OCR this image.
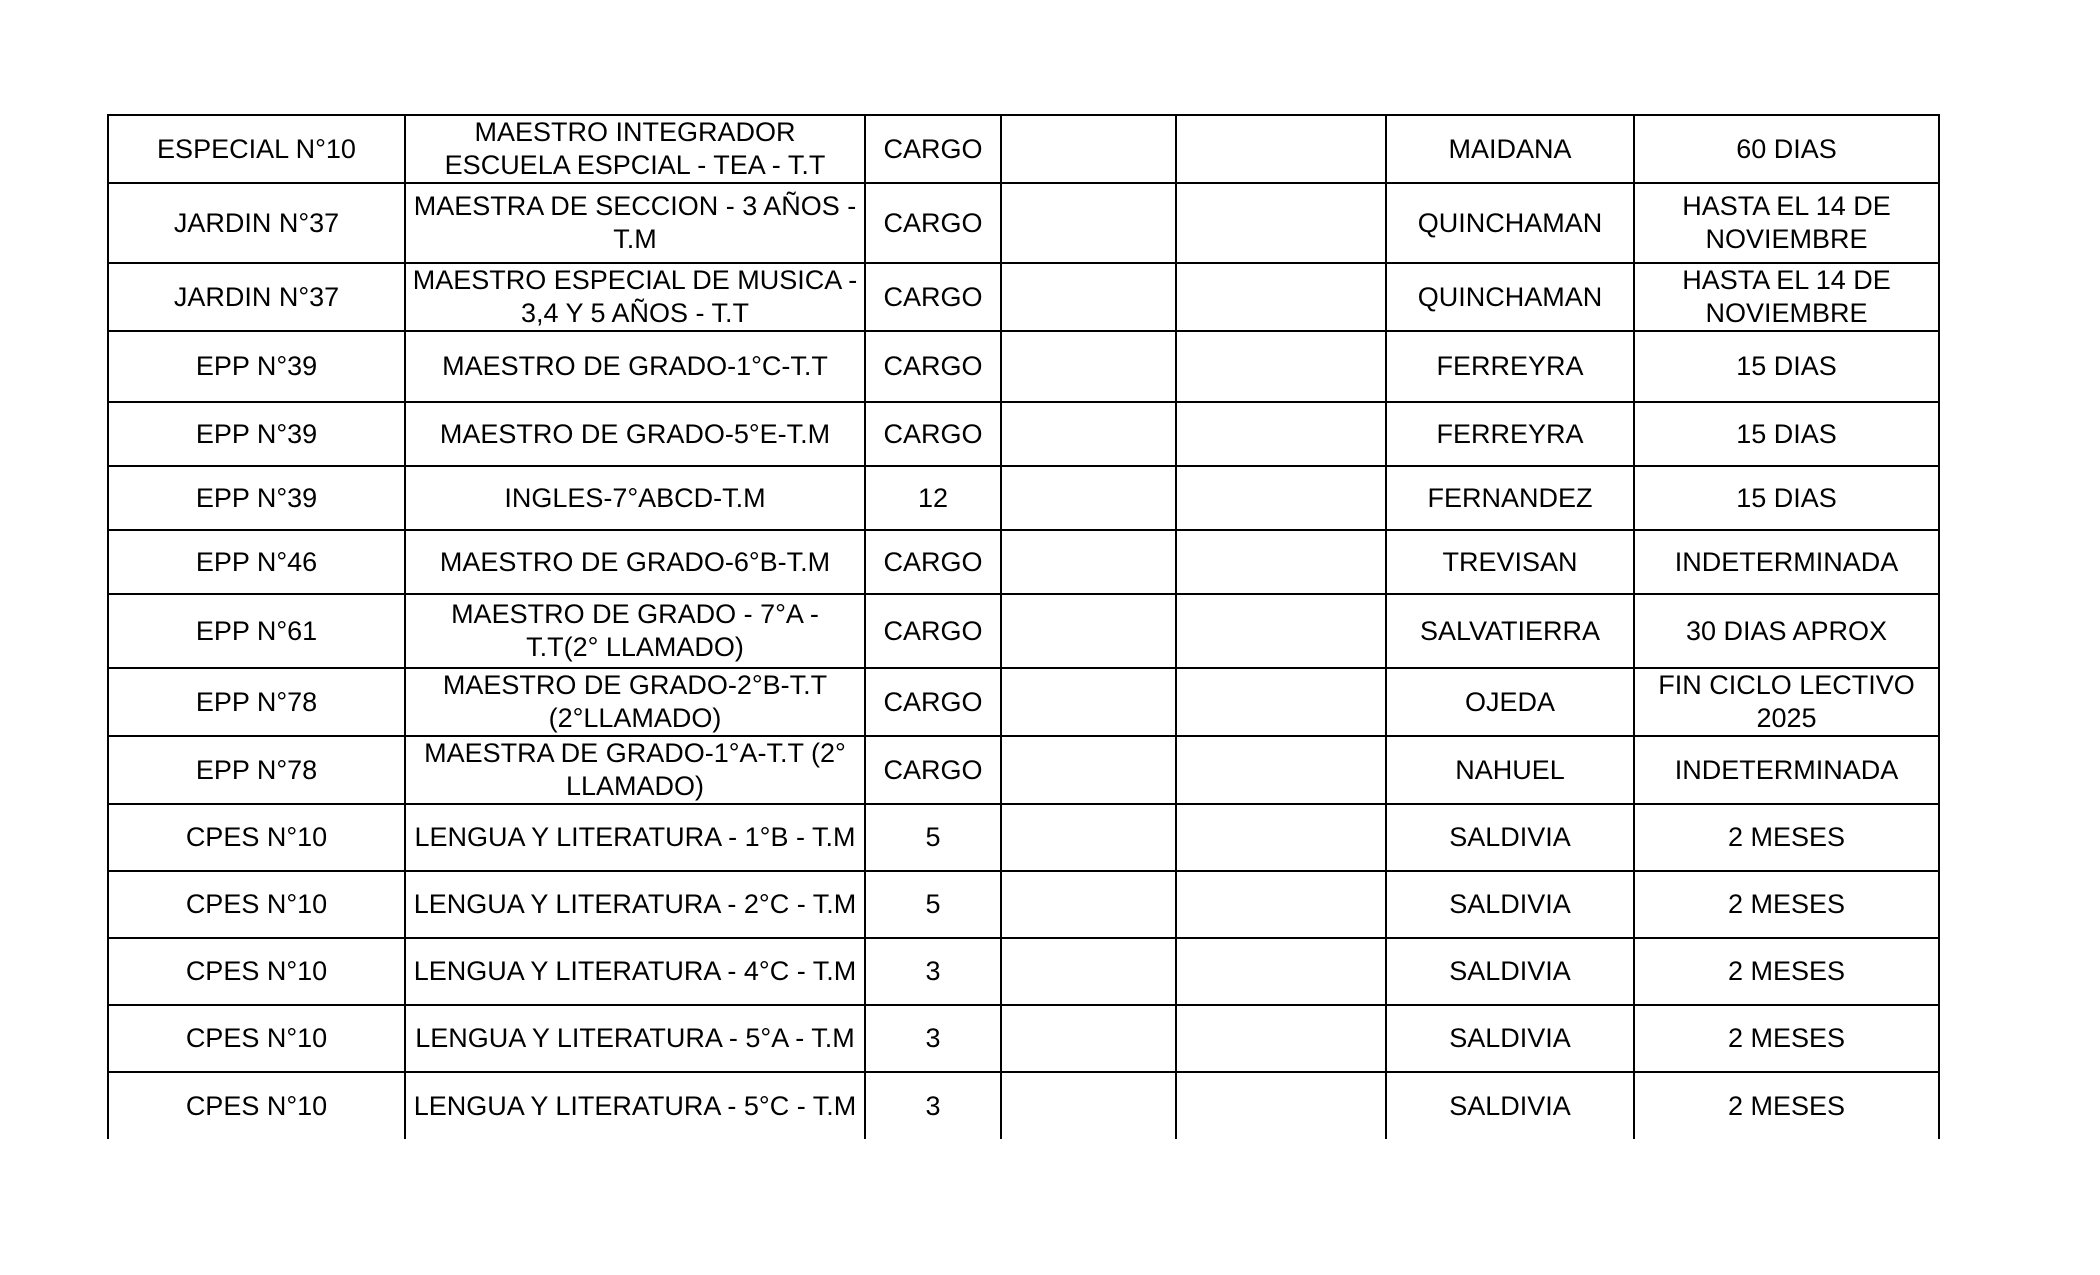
ESPECIAL N°10	MAESTRO INTEGRADOR ESCUELA ESPCIAL - TEA - T.T	CARGO			MAIDANA	60 DIAS
JARDIN N°37	MAESTRA DE SECCION - 3 AÑOS - T.M	CARGO			QUINCHAMAN	HASTA EL 14 DE NOVIEMBRE
JARDIN N°37	MAESTRO ESPECIAL DE MUSICA - 3,4 Y 5 AÑOS - T.T	CARGO			QUINCHAMAN	HASTA EL 14 DE NOVIEMBRE
EPP N°39	MAESTRO DE GRADO-1°C-T.T	CARGO			FERREYRA	15 DIAS
EPP N°39	MAESTRO DE GRADO-5°E-T.M	CARGO			FERREYRA	15 DIAS
EPP N°39	INGLES-7°ABCD-T.M	12			FERNANDEZ	15 DIAS
EPP N°46	MAESTRO DE GRADO-6°B-T.M	CARGO			TREVISAN	INDETERMINADA
EPP N°61	MAESTRO DE GRADO - 7°A - T.T(2° LLAMADO)	CARGO			SALVATIERRA	30 DIAS APROX
EPP N°78	MAESTRO DE GRADO-2°B-T.T (2°LLAMADO)	CARGO			OJEDA	FIN CICLO LECTIVO 2025
EPP N°78	MAESTRA DE GRADO-1°A-T.T (2° LLAMADO)	CARGO			NAHUEL	INDETERMINADA
CPES N°10	LENGUA Y LITERATURA - 1°B - T.M	5			SALDIVIA	2 MESES
CPES N°10	LENGUA Y LITERATURA - 2°C - T.M	5			SALDIVIA	2 MESES
CPES N°10	LENGUA Y LITERATURA - 4°C - T.M	3			SALDIVIA	2 MESES
CPES N°10	LENGUA Y LITERATURA - 5°A - T.M	3			SALDIVIA	2 MESES
CPES N°10	LENGUA Y LITERATURA - 5°C - T.M	3			SALDIVIA	2 MESES
